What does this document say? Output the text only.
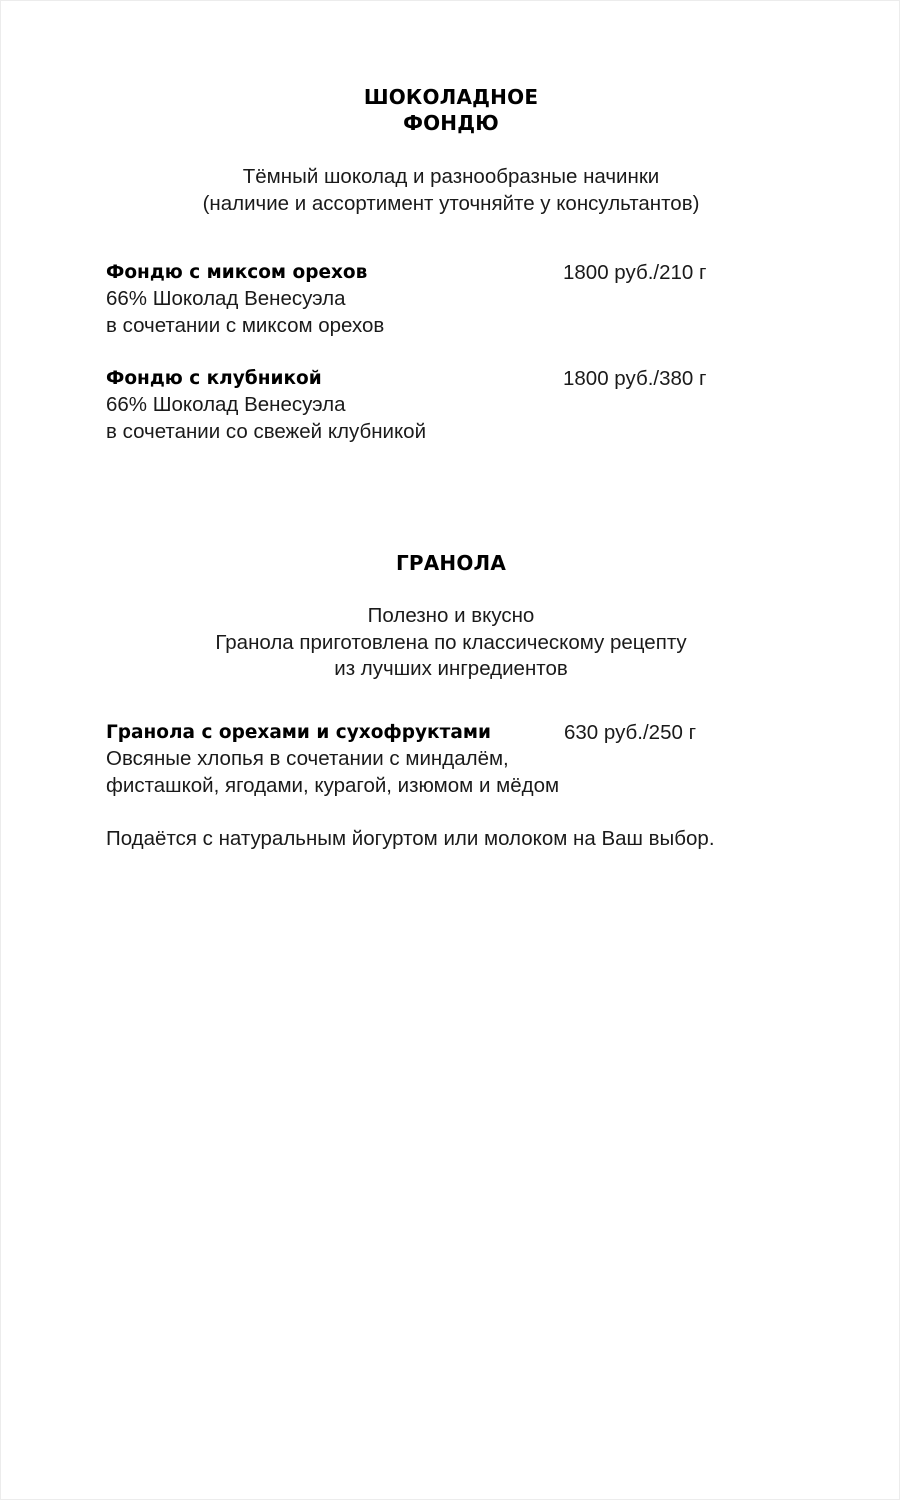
ШОКОЛАДНОЕ
ФОНДЮ
Тёмный шоколад и разнообразные начинки
(наличие и ассортимент уточняйте у консультантов)
Фондю с миксом орехов	1800 руб./210 г
66% Шоколад Венесуэла
в сочетании с миксом орехов
Фондю с клубникой	1800 руб./380 г
66% Шоколад Венесуэла
в сочетании со свежей клубникой
ГРАНОЛА
Полезно и вкусно
Гранола приготовлена по классическому рецепту
из лучших ингредиентов
Гранола с орехами и сухофруктами	630 руб./250 г
Овсяные хлопья в сочетании с миндалём,
фисташкой, ягодами, курагой, изюмом и мёдом
Подаётся с натуральным йогуртом или молоком на Ваш выбор.
